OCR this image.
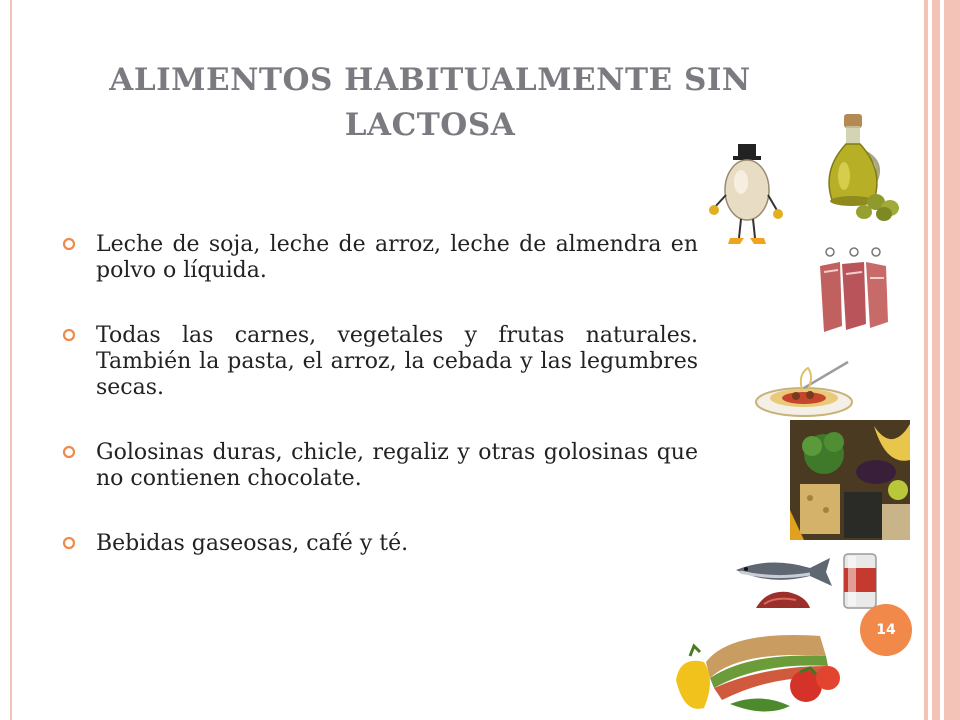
ALIMENTOS HABITUALMENTE SIN LACTOSA
Leche de soja, leche de arroz, leche de almendra en polvo o líquida.
Todas las carnes, vegetales y frutas naturales. También la pasta, el arroz, la cebada y las legumbres secas.
Golosinas duras, chicle, regaliz y otras golosinas que no contienen chocolate.
Bebidas gaseosas, café y té.
14
